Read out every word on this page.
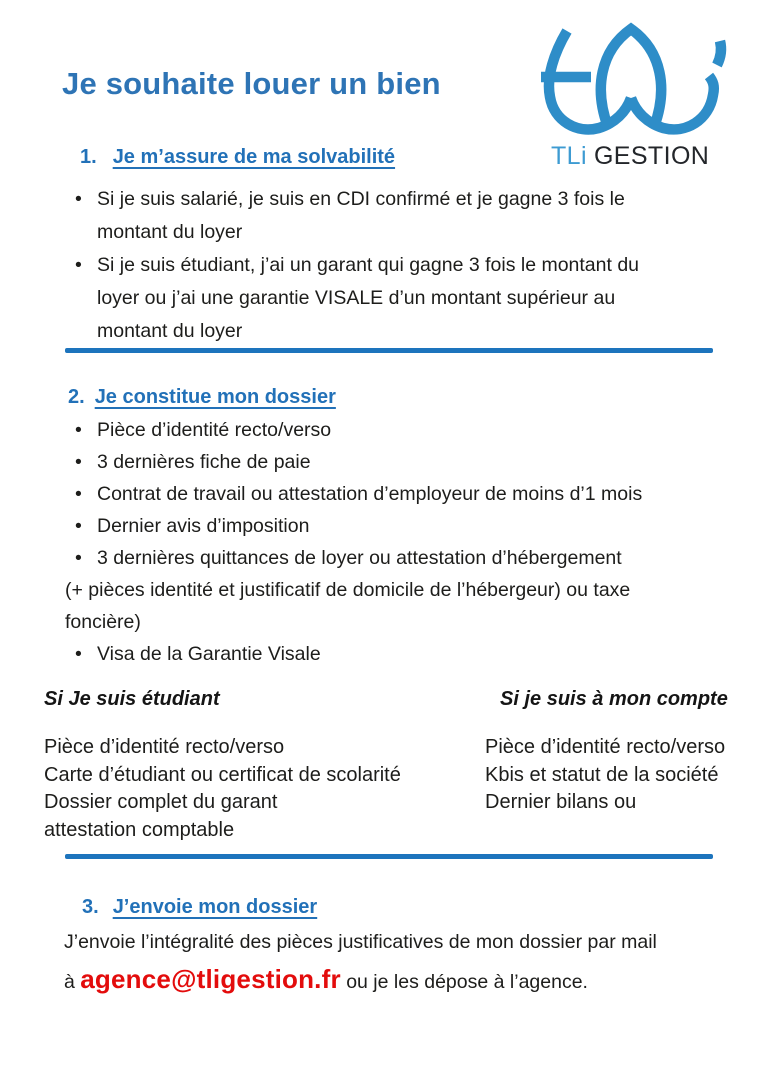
Je souhaite louer un bien
TLi GESTION
1. Je m’assure de ma solvabilité
• Si je suis salarié, je suis en CDI confirmé et je gagne 3 fois le montant du loyer
• Si je suis étudiant, j’ai un garant qui gagne 3 fois le montant du loyer ou j’ai une garantie VISALE d’un montant supérieur au montant du loyer
2. Je constitue mon dossier
• Pièce d’identité recto/verso
• 3 dernières fiche de paie
• Contrat de travail ou attestation d’employeur de moins d’1 mois
• Dernier avis d’imposition
• 3 dernières quittances de loyer ou attestation d’hébergement
(+ pièces identité et justificatif de domicile de l’hébergeur) ou taxe
foncière)
• Visa de la Garantie Visale
Si Je suis étudiant
Pièce d’identité recto/verso
Carte d’étudiant ou certificat de scolarité
Dossier complet du garant
attestation comptable
Si je suis à mon compte
Pièce d’identité recto/verso
Kbis et statut de la société
Dernier bilans ou
3. J’envoie mon dossier
J’envoie l’intégralité des pièces justificatives de mon dossier par mail
à agence@tligestion.fr ou je les dépose à l’agence.
